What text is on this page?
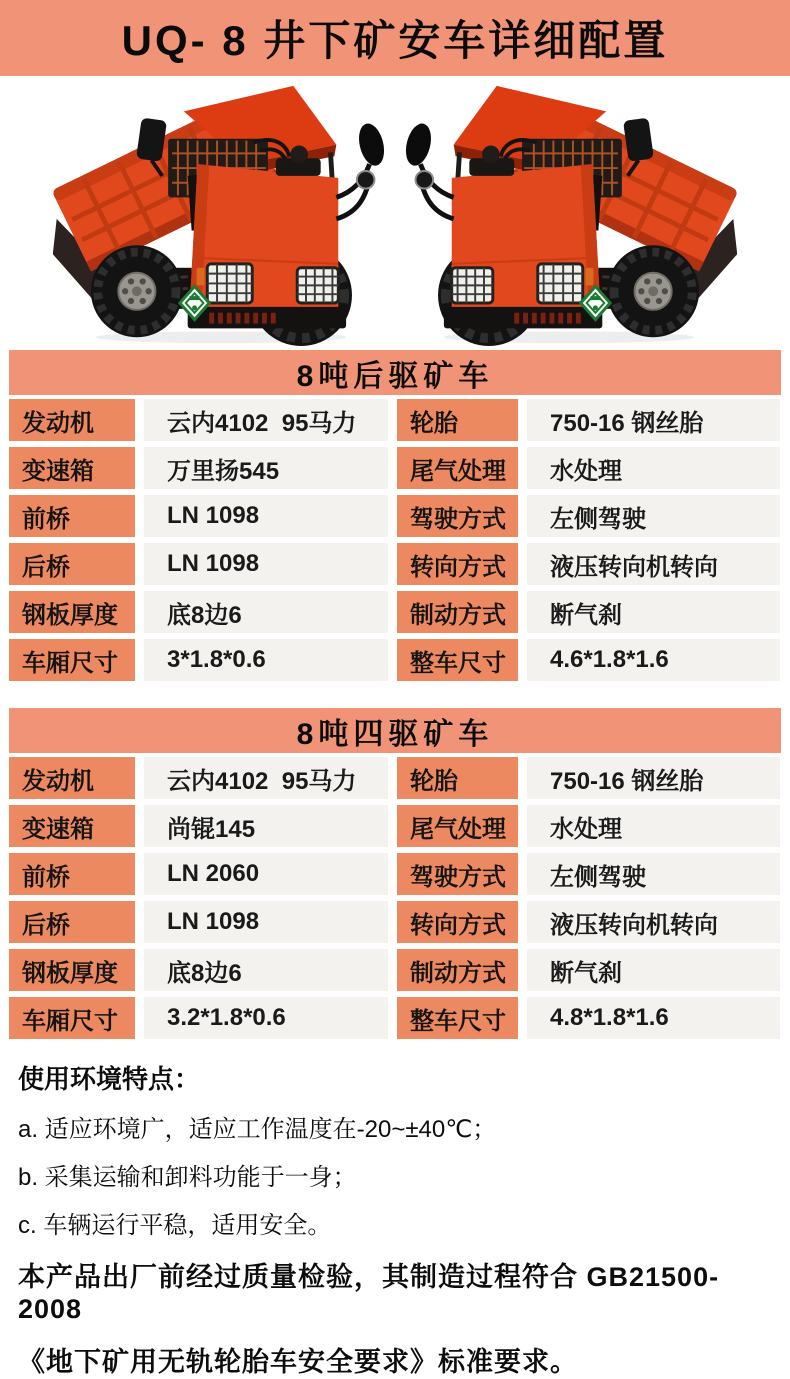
UQ- 8 井下矿安车详细配置
8吨后驱矿车
发动机	云内4102  95马力	轮胎	750-16 钢丝胎
变速箱	万里扬545	尾气处理	水处理
前桥	LN 1098	驾驶方式	左侧驾驶
后桥	LN 1098	转向方式	液压转向机转向
钢板厚度	底8边6	制动方式	断气刹
车厢尺寸	3*1.8*0.6	整车尺寸	4.6*1.8*1.6
8吨四驱矿车
发动机	云内4102  95马力	轮胎	750-16 钢丝胎
变速箱	尚锟145	尾气处理	水处理
前桥	LN 2060	驾驶方式	左侧驾驶
后桥	LN 1098	转向方式	液压转向机转向
钢板厚度	底8边6	制动方式	断气刹
车厢尺寸	3.2*1.8*0.6	整车尺寸	4.8*1.8*1.6

使用环境特点：

a. 适应环境广，适应工作温度在-20~±40℃；

b. 采集运输和卸料功能于一身；

c. 车辆运行平稳，适用安全。

本产品出厂前经过质量检验，其制造过程符合 GB21500-2008

《地下矿用无轨轮胎车安全要求》标准要求。
